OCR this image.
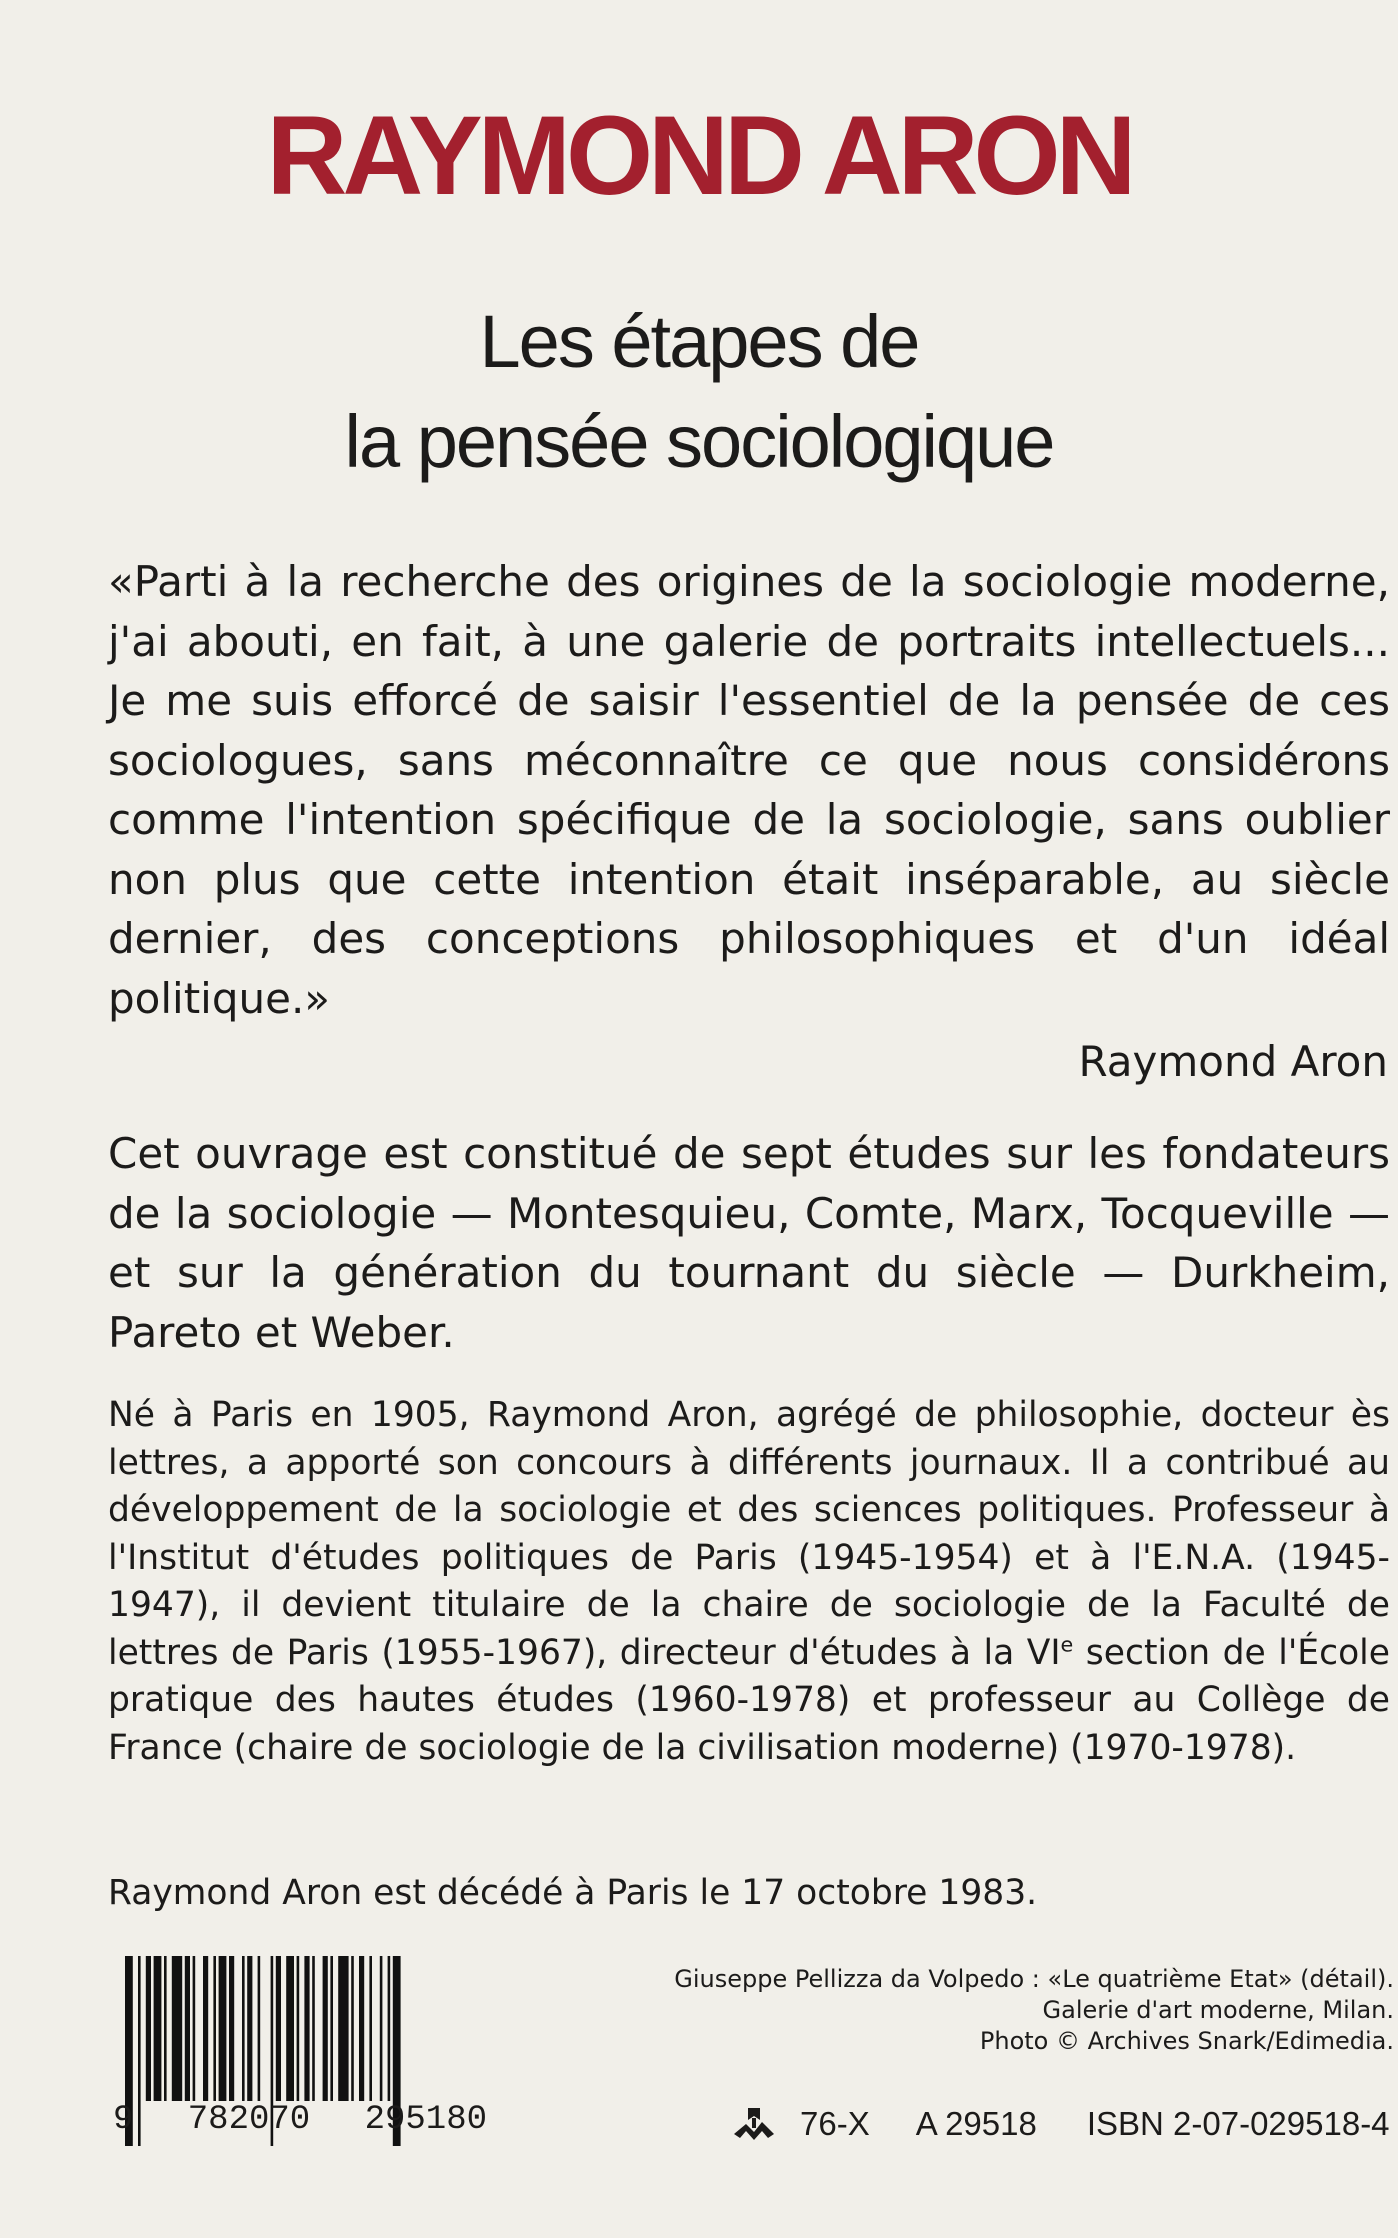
RAYMOND ARON
Les étapes de
la pensée sociologique

«Parti à la recherche des origines de la sociologie moderne, j'ai abouti, en fait, à une galerie de portraits intellectuels... Je me suis efforcé de saisir l'essentiel de la pensée de ces sociologues, sans méconnaître ce que nous considérons comme l'intention spécifique de la sociologie, sans oublier non plus que cette intention était inséparable, au siècle dernier, des conceptions philosophiques et d'un idéal politique.»

Raymond Aron

Cet ouvrage est constitué de sept études sur les fondateurs de la sociologie — Montesquieu, Comte, Marx, Tocqueville — et sur la génération du tournant du siècle — Durkheim, Pareto et Weber.

Né à Paris en 1905, Raymond Aron, agrégé de philosophie, docteur ès lettres, a apporté son concours à différents journaux. Il a contribué au développement de la sociologie et des sciences politiques. Professeur à l'Institut d'études politiques de Paris (1945-1954) et à l'E.N.A. (1945-1947), il devient titulaire de la chaire de sociologie de la Faculté de lettres de Paris (1955-1967), directeur d'études à la VIe section de l'École pratique des hautes études (1960-1978) et professeur au Collège de France (chaire de sociologie de la civilisation moderne) (1970-1978).

Raymond Aron est décédé à Paris le 17 octobre 1983.
9 782070 295180
Giuseppe Pellizza da Volpedo : «Le quatrième Etat» (détail).
Galerie d'art moderne, Milan.
Photo © Archives Snark/Edimedia.
76-X A 29518 ISBN 2-07-029518-4
